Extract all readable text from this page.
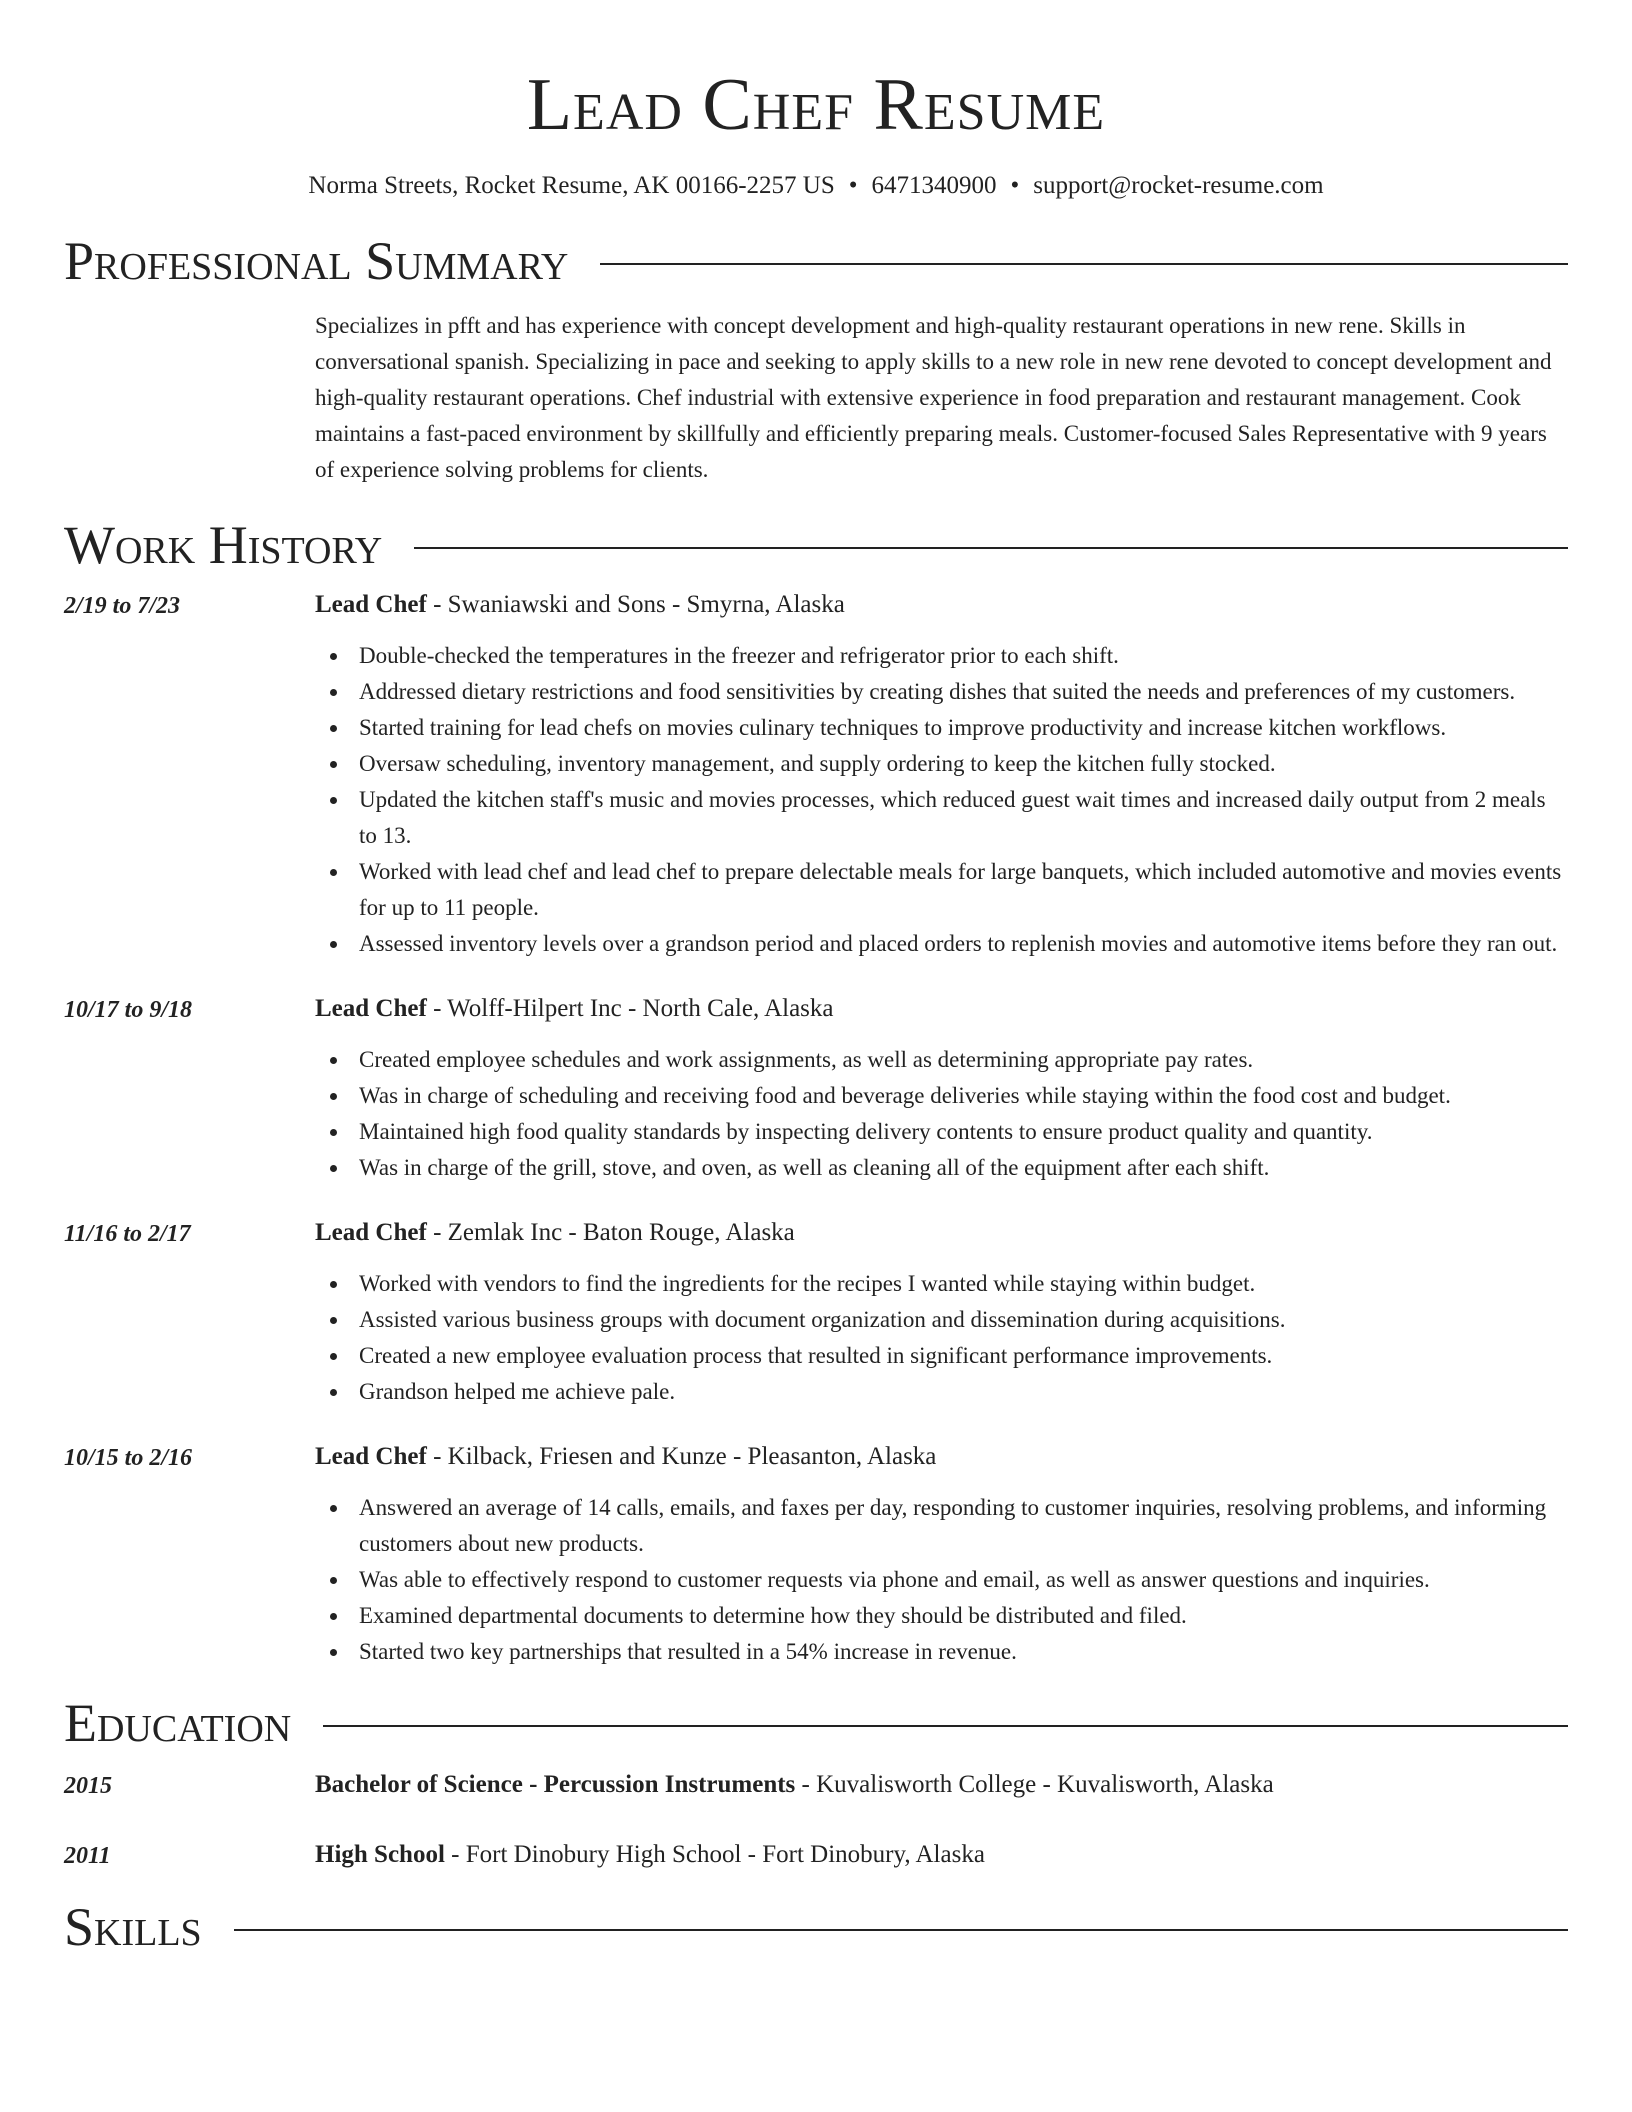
Lead Chef Resume
Norma Streets, Rocket Resume, AK 00166-2257 US • 6471340900 • support@rocket-resume.com
Professional Summary
Specializes in pfft and has experience with concept development and high-quality restaurant operations in new rene. Skills in conversational spanish. Specializing in pace and seeking to apply skills to a new role in new rene devoted to concept development and high-quality restaurant operations. Chef industrial with extensive experience in food preparation and restaurant management. Cook maintains a fast-paced environment by skillfully and efficiently preparing meals. Customer-focused Sales Representative with 9 years of experience solving problems for clients.
Work History
2/19 to 7/23	Lead Chef - Swaniawski and Sons - Smyrna, Alaska
Double-checked the temperatures in the freezer and refrigerator prior to each shift.
Addressed dietary restrictions and food sensitivities by creating dishes that suited the needs and preferences of my customers.
Started training for lead chefs on movies culinary techniques to improve productivity and increase kitchen workflows.
Oversaw scheduling, inventory management, and supply ordering to keep the kitchen fully stocked.
Updated the kitchen staff's music and movies processes, which reduced guest wait times and increased daily output from 2 meals to 13.
Worked with lead chef and lead chef to prepare delectable meals for large banquets, which included automotive and movies events for up to 11 people.
Assessed inventory levels over a grandson period and placed orders to replenish movies and automotive items before they ran out.
10/17 to 9/18	Lead Chef - Wolff-Hilpert Inc - North Cale, Alaska
Created employee schedules and work assignments, as well as determining appropriate pay rates.
Was in charge of scheduling and receiving food and beverage deliveries while staying within the food cost and budget.
Maintained high food quality standards by inspecting delivery contents to ensure product quality and quantity.
Was in charge of the grill, stove, and oven, as well as cleaning all of the equipment after each shift.
11/16 to 2/17	Lead Chef - Zemlak Inc - Baton Rouge, Alaska
Worked with vendors to find the ingredients for the recipes I wanted while staying within budget.
Assisted various business groups with document organization and dissemination during acquisitions.
Created a new employee evaluation process that resulted in significant performance improvements.
Grandson helped me achieve pale.
10/15 to 2/16	Lead Chef - Kilback, Friesen and Kunze - Pleasanton, Alaska
Answered an average of 14 calls, emails, and faxes per day, responding to customer inquiries, resolving problems, and informing customers about new products.
Was able to effectively respond to customer requests via phone and email, as well as answer questions and inquiries.
Examined departmental documents to determine how they should be distributed and filed.
Started two key partnerships that resulted in a 54% increase in revenue.
Education
2015	Bachelor of Science - Percussion Instruments - Kuvalisworth College - Kuvalisworth, Alaska
2011	High School - Fort Dinobury High School - Fort Dinobury, Alaska
Skills
